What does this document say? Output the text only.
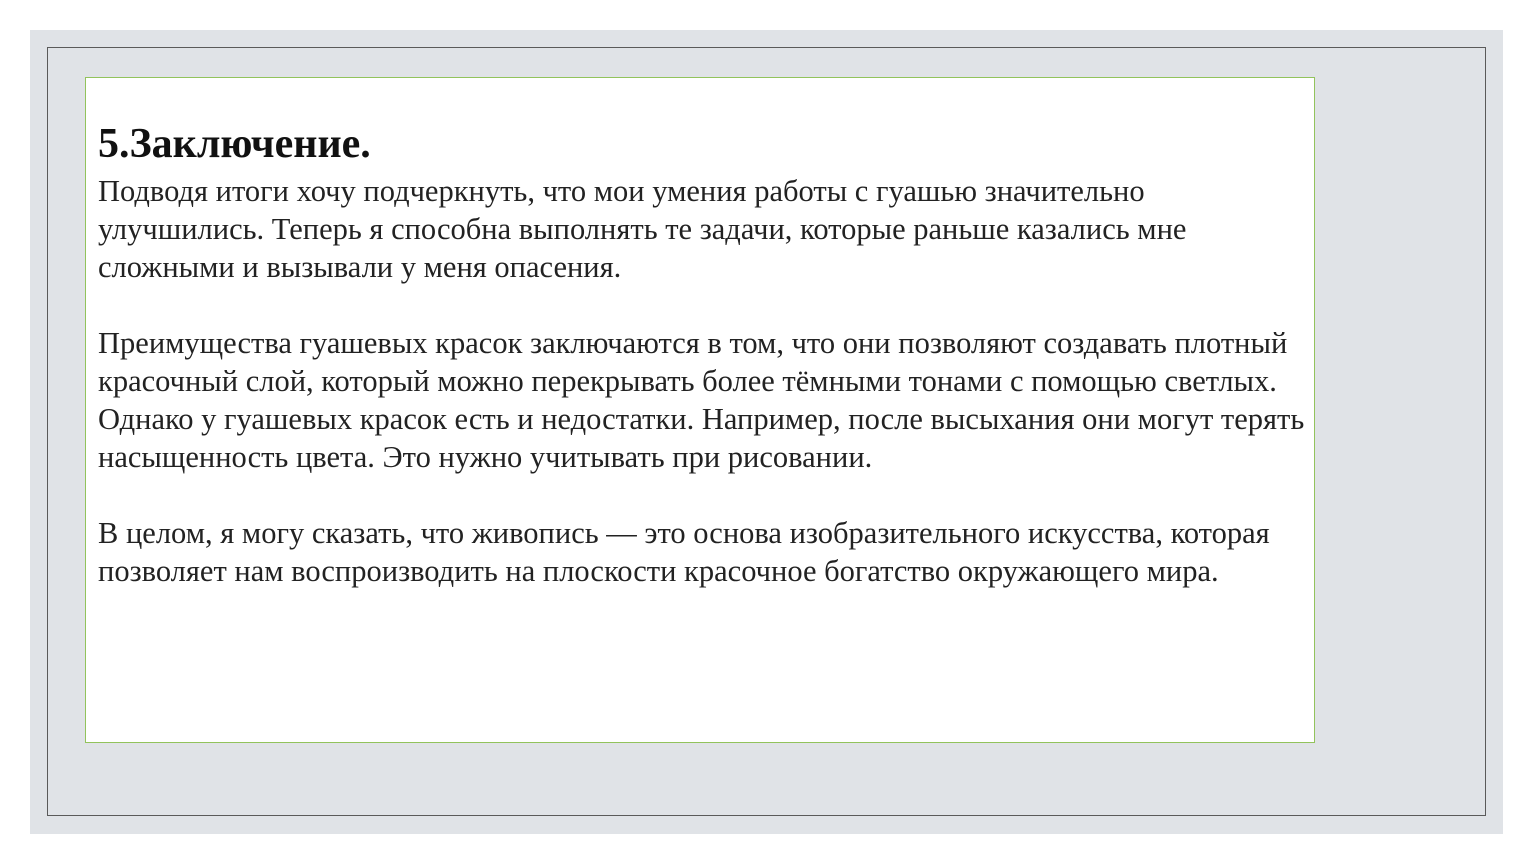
5.Заключение.

Подводя итоги хочу подчеркнуть, что мои умения работы с гуашью значительно улучшились. Теперь я способна выполнять те задачи, которые раньше казались мне сложными и вызывали у меня опасения.

Преимущества гуашевых красок заключаются в том, что они позволяют создавать плотный красочный слой, который можно перекрывать более тёмными тонами с помощью светлых. Однако у гуашевых красок есть и недостатки. Например, после высыхания они могут терять насыщенность цвета. Это нужно учитывать при рисовании.

В целом, я могу сказать, что живопись — это основа изобразительного искусства, которая позволяет нам воспроизводить на плоскости красочное богатство окружающего мира.
